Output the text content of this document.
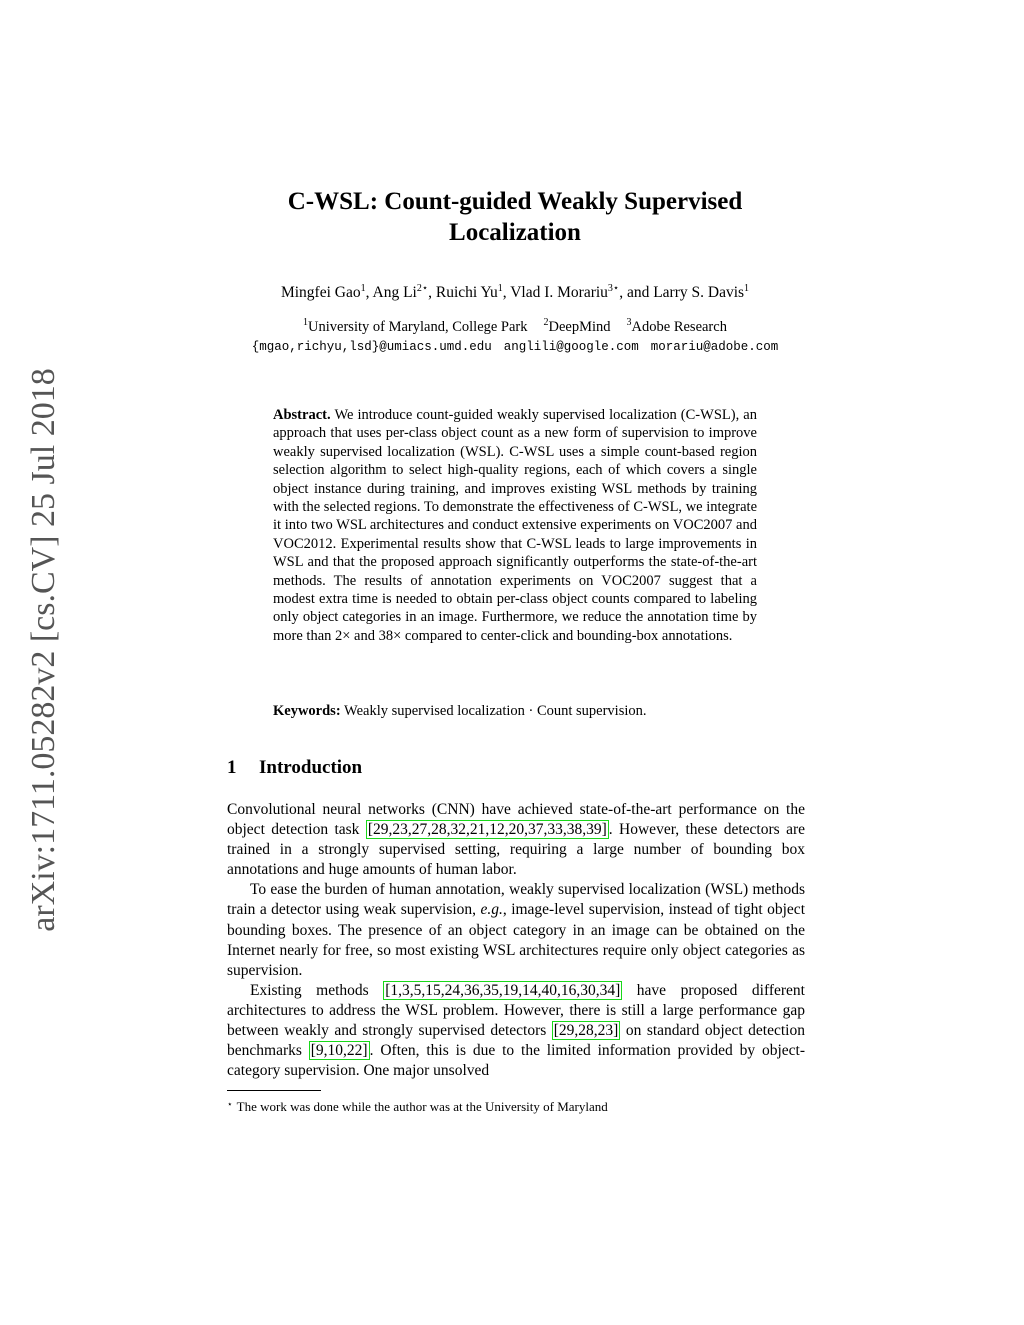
arXiv:1711.05282v2 [cs.CV] 25 Jul 2018
C-WSL: Count-guided Weakly Supervised
Localization
Mingfei Gao$^1$, Ang $Li^{2⋆}$, Ruichi Yu$^1$, Vlad I. Morariu$^{3⋆}$, and Larry S. Davis$^1$
$^1$University of Maryland, College Park $^2$DeepMind $^3$Adobe Research
{mgao,richyu,lsd}@umiacs.umd.edu anglili@google.com morariu@adobe.com
Abstract. We introduce count-guided weakly supervised localization (C-WSL), an approach that uses per-class object count as a new form of supervision to improve weakly supervised localization (WSL). C-WSL uses a simple count-based region selection algorithm to select high-quality regions, each of which covers a single object instance during training, and improves existing WSL methods by training with the selected regions. To demonstrate the effectiveness of C-WSL, we integrate it into two WSL architectures and conduct extensive experiments on VOC2007 and VOC2012. Experimental results show that C-WSL leads to large improvements in WSL and that the proposed approach significantly outperforms the state-of-the-art methods. The results of annotation experiments on VOC2007 suggest that a modest extra time is needed to obtain per-class object counts compared to labeling only object categories in an image. Furthermore, we reduce the annotation time by more than 2× and 38× compared to center-click and bounding-box annotations.
Keywords: Weakly supervised localization · Count supervision.
1 Introduction

Convolutional neural networks (CNN) have achieved state-of-the-art performance on the object detection task [29,23,27,28,32,21,12,20,37,33,38,39] . However, these detectors are trained in a strongly supervised setting, requiring a large number of bounding box annotations and huge amounts of human labor.

To ease the burden of human annotation, weakly supervised localization (WSL) methods train a detector using weak supervision, e.g., image-level supervision, instead of tight object bounding boxes. The presence of an object category in an image can be obtained on the Internet nearly for free, so most existing WSL architectures require only object categories as supervision.

Existing methods [1,3,5,15,24,36,35,19,14,40,16,30,34] have proposed different architectures to address the WSL problem. However, there is still a large performance gap between weakly and strongly supervised detectors [29,28,23] on standard object detection benchmarks [9,10,22] . Often, this is due to the limited information provided by object-category supervision. One major unsolved

⋆ The work was done while the author was at the University of Maryland
